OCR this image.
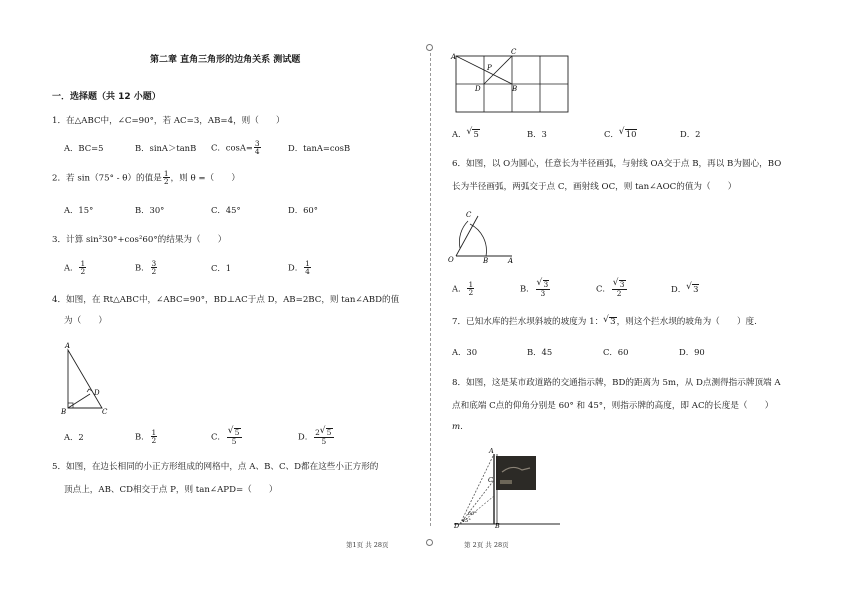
第二章 直角三角形的边角关系 测试题
一．选择题（共 12 小题）
1．在△ABC中，∠C=90°，若 AC=3，AB=4，则（　　）
A．BC=5	B．sinA＞tanB	C．$\cos A= \frac{3}{4}$	D．tanA=cosB
2．若 sin（75° - θ）的值是 $\frac{1}{2}$ ，则 θ =（　　）
A．15°	B．30°	C．45°	D．60°
3．计算 sin²30°+cos²60°的结果为（　　）
A． $\frac{1}{2}$	B． $\frac{3}{2}$	C．1	D． $\frac{1}{4}$
4．如图，在 Rt△ABC中，∠ABC=90°，BD⊥AC于点 D，AB=2BC，则 tan∠ABD的值
为（　　）
A
B	C
D
A．2	B． $\frac{1}{2}$	C． √ $\frac{5}{5}$	D． $\frac{2 √ 5}{5}$
5．如图，在边长相同的小正方形组成的网格中，点 A、B、C、D都在这些小正方形的
顶点上，AB、CD相交于点 P，则 tan∠APD=（　　）
第1页 共 28页
A
C
P
D	B
A． √ 5	B．3	C． √ 10	D．2
6．如图，以 O为圆心，任意长为半径画弧，与射线 OA交于点 B，再以 B为圆心，BO
长为半径画弧，两弧交于点 C，画射线 OC，则 tan∠AOC的值为（　　）
O	B	A
C
A． $\frac{1}{2}$	B． √ $\frac{3}{3}$	C． √ $\frac{3}{2}$	D． √ 3
7．已知水库的拦水坝斜坡的坡度为 1： √ 3，则这个拦水坝的坡角为（　　）度.
A．30	B．45	C．60	D．90
8．如图，这是某市政道路的交通指示牌，BD的距离为 5m，从 D点测得指示牌顶端 A
点和底端 C点的仰角分别是 60° 和 45°，则指示牌的高度，即 AC的长度是（　　）
m.
A
C
B
D
60°
45°
第 2页 共 28页
